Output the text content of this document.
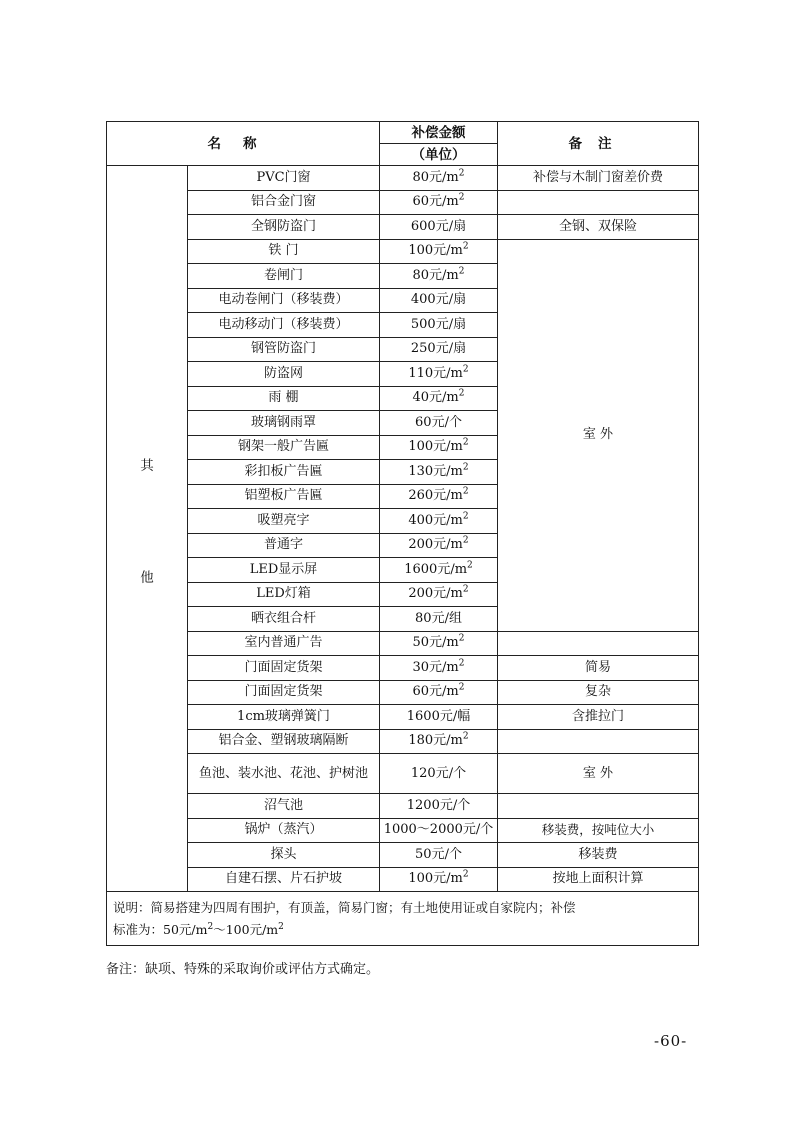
名称		补偿金额	备注
		（单位）	

其
他	PVC门窗	80元$/m^2$	补偿与木制门窗差价费
	铝合金门窗	60元$/m^2$	
	全钢防盗门	600元/扇	全钢、双保险
	铁 门	100元$/m^2$	室 外
	卷闸门	80元$/m^2$
	电动卷闸门（移装费）	400元/扇	
	电动移动门（移装费）	500元/扇	
	钢管防盗门	250元/扇	
	防盗网	110元$/m^2$
	雨 棚	40元$/m^2$
	玻璃钢雨罩	60元/个	
	钢架一般广告匾	100元$/m^2$
	彩扣板广告匾	130元$/m^2$
	铝塑板广告匾	260元$/m^2$
	吸塑亮字	400元$/m^2$
	普通字	200元$/m^2$
	LED显示屏	1600元$/m^2$
	LED灯箱	200元$/m^2$
	晒衣组合杆	80元/组	
	室内普通广告	50元$/m^2$	
	门面固定货架	30元$/m^2$	简易
	门面固定货架	60元$/m^2$	复杂
	1cm玻璃弹簧门	1600元/幅	含推拉门
	铝合金、塑钢玻璃隔断	180元$/m^2$	
	鱼池、装水池、花池、护树池	120元/个	室 外
	沼气池	1200元/个	
	锅炉（蒸汽）	1000～2000元/个	移装费，按吨位大小
	探头	50元/个	移装费
	自建石摆、片石护坡	100元$/m^2$	按地上面积计算

说明：简易搭建为四周有围护，有顶盖，简易门窗；有土地使用证或自家院内；补偿
标准为：50元$/m^2\sim 100$元$/m^2$
备注：缺项、特殊的采取询价或评估方式确定。
-60-
